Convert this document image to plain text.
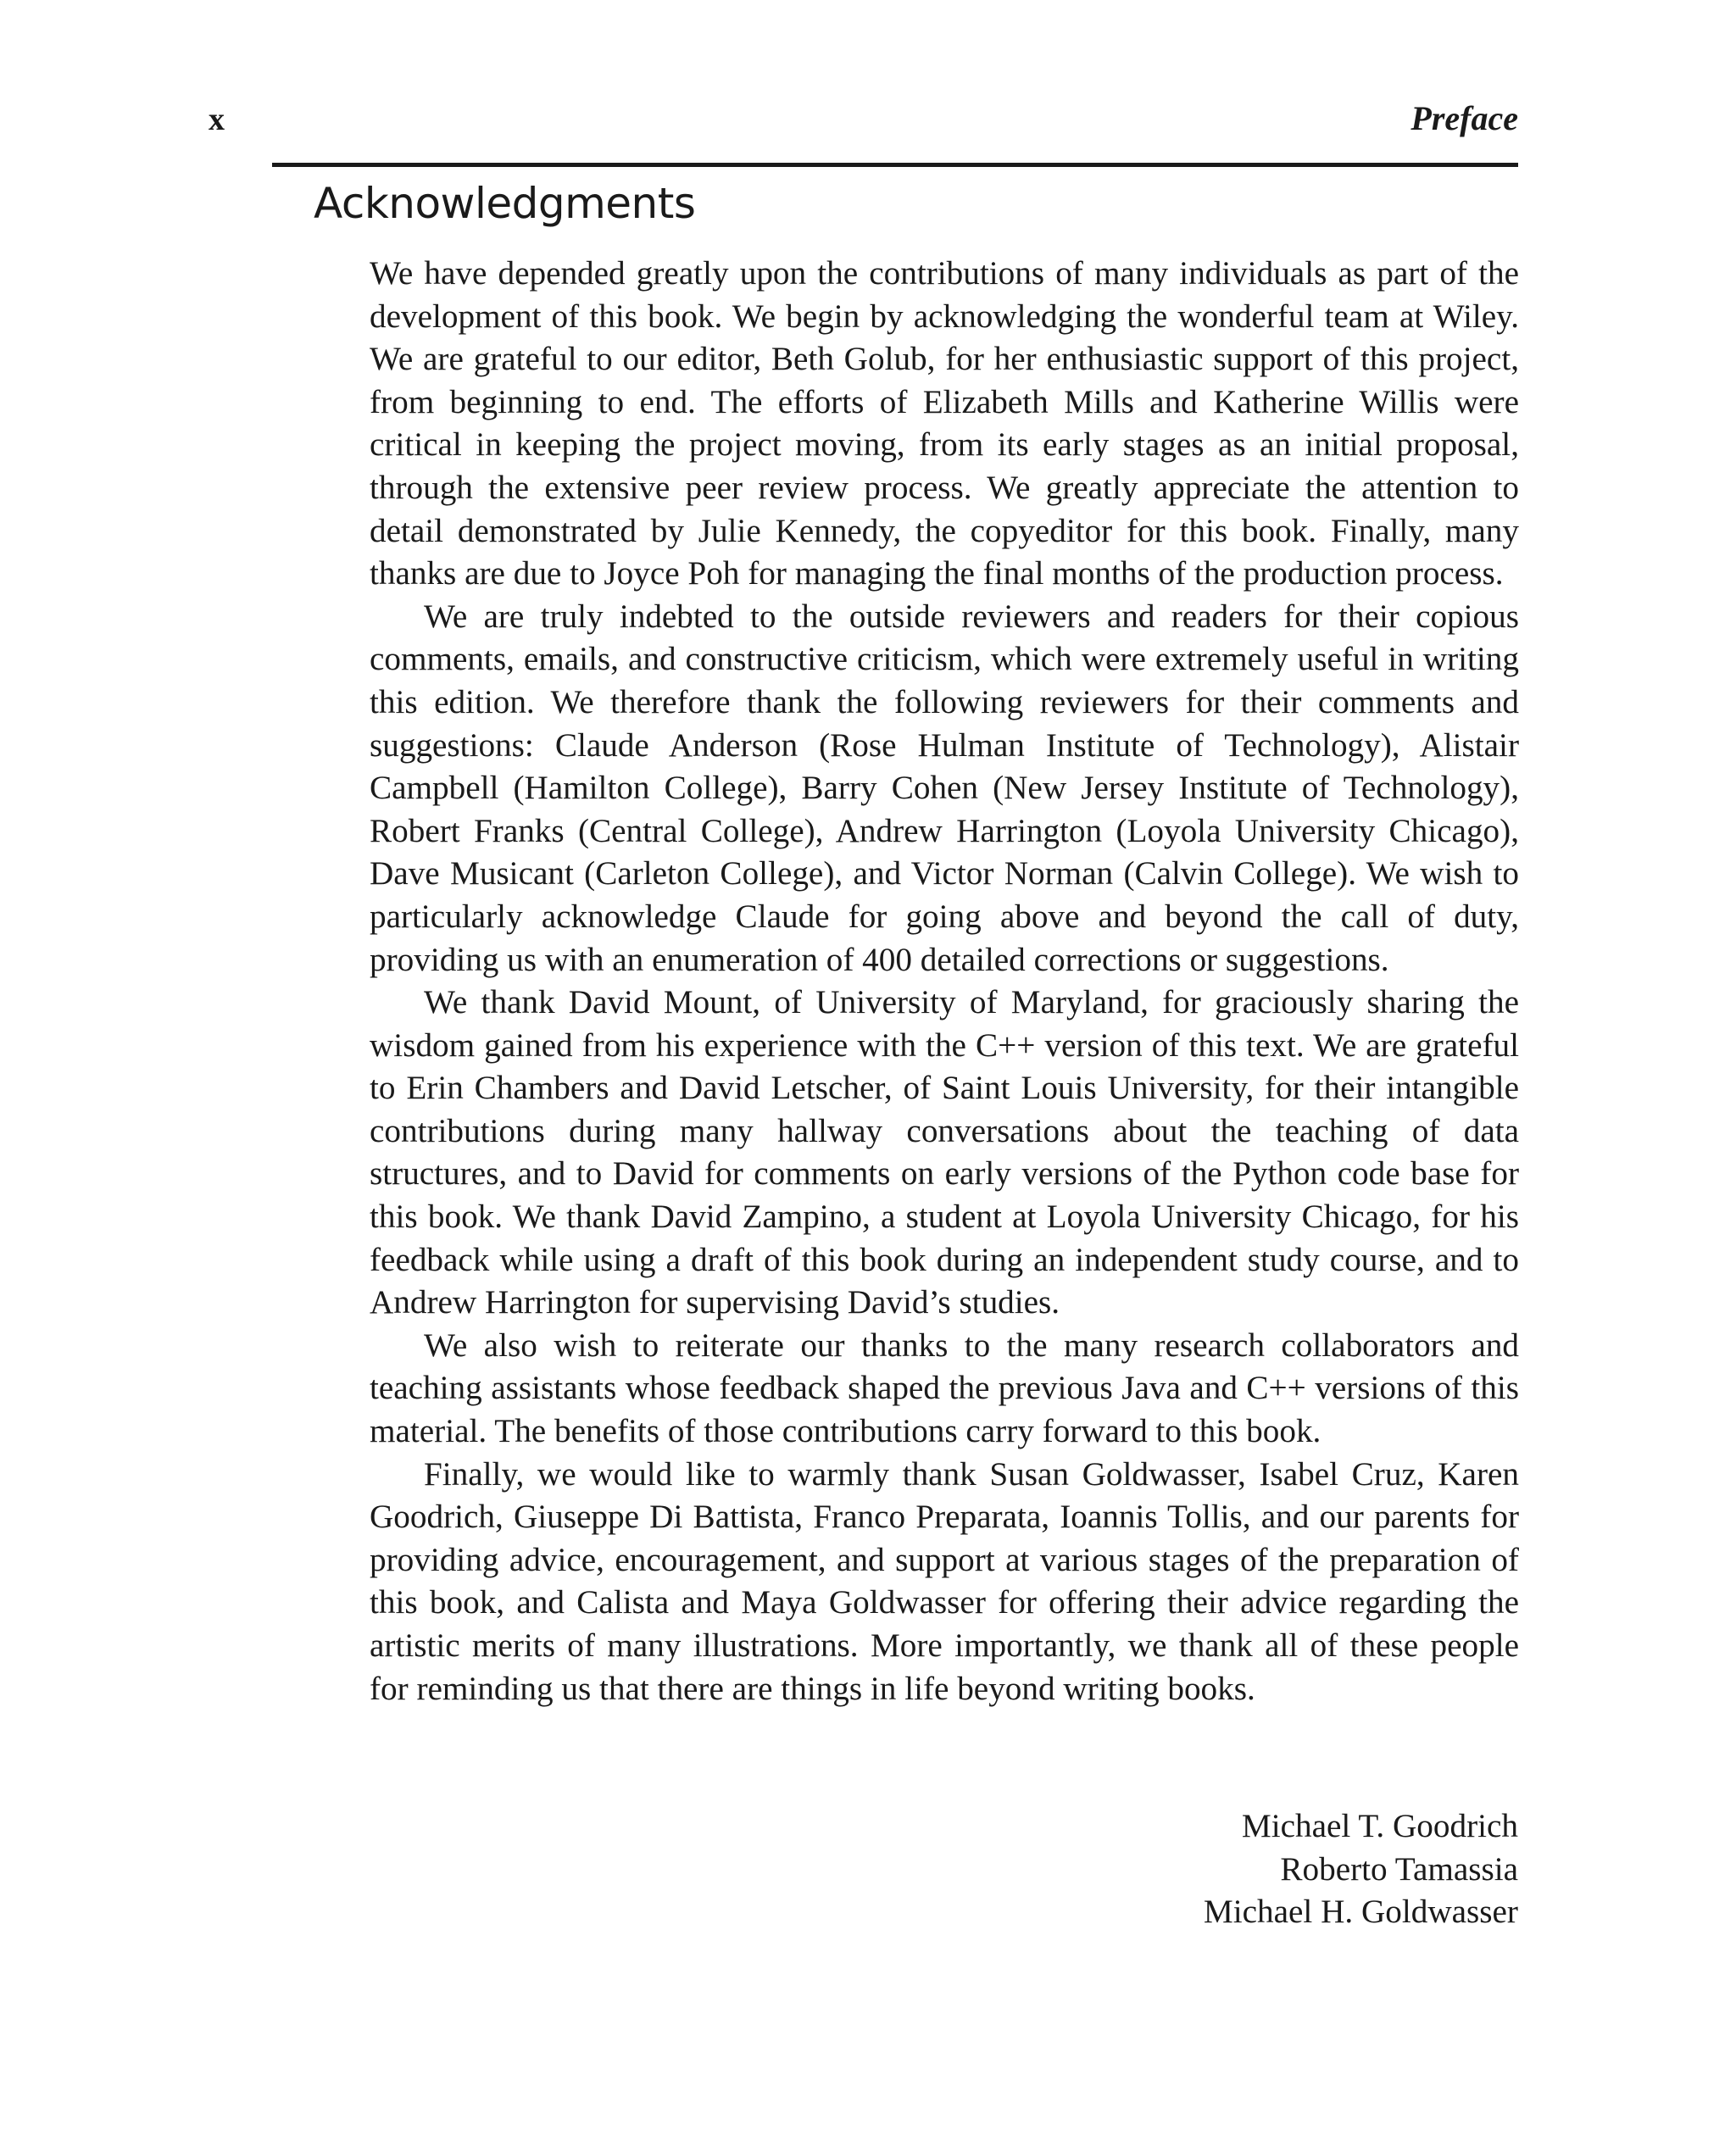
x	Preface
Acknowledgments

We have depended greatly upon the contributions of many individuals as part of the development of this book. We begin by acknowledging the wonderful team at Wiley. We are grateful to our editor, Beth Golub, for her enthusiastic support of this project, from beginning to end. The efforts of Elizabeth Mills and Katherine Willis were critical in keeping the project moving, from its early stages as an initial proposal, through the extensive peer review process. We greatly appreciate the attention to detail demonstrated by Julie Kennedy, the copyeditor for this book. Finally, many thanks are due to Joyce Poh for managing the final months of the production process.

We are truly indebted to the outside reviewers and readers for their copious comments, emails, and constructive criticism, which were extremely useful in writing this edition. We therefore thank the following reviewers for their comments and suggestions: Claude Anderson (Rose Hulman Institute of Technology), Alistair Campbell (Hamilton College), Barry Cohen (New Jersey Institute of Technology), Robert Franks (Central College), Andrew Harrington (Loyola University Chicago), Dave Musicant (Carleton College), and Victor Norman (Calvin College). We wish to particularly acknowledge Claude for going above and beyond the call of duty, providing us with an enumeration of 400 detailed corrections or suggestions.

We thank David Mount, of University of Maryland, for graciously sharing the wisdom gained from his experience with the C++ version of this text. We are grateful to Erin Chambers and David Letscher, of Saint Louis University, for their intangible contributions during many hallway conversations about the teaching of data structures, and to David for comments on early versions of the Python code base for this book. We thank David Zampino, a student at Loyola University Chicago, for his feedback while using a draft of this book during an independent study course, and to Andrew Harrington for supervising David’s studies.

We also wish to reiterate our thanks to the many research collaborators and teaching assistants whose feedback shaped the previous Java and C++ versions of this material. The benefits of those contributions carry forward to this book.

Finally, we would like to warmly thank Susan Goldwasser, Isabel Cruz, Karen Goodrich, Giuseppe Di Battista, Franco Preparata, Ioannis Tollis, and our parents for providing advice, encouragement, and support at various stages of the preparation of this book, and Calista and Maya Goldwasser for offering their advice regarding the artistic merits of many illustrations. More importantly, we thank all of these people for reminding us that there are things in life beyond writing books.

Michael T. Goodrich
Roberto Tamassia
Michael H. Goldwasser
